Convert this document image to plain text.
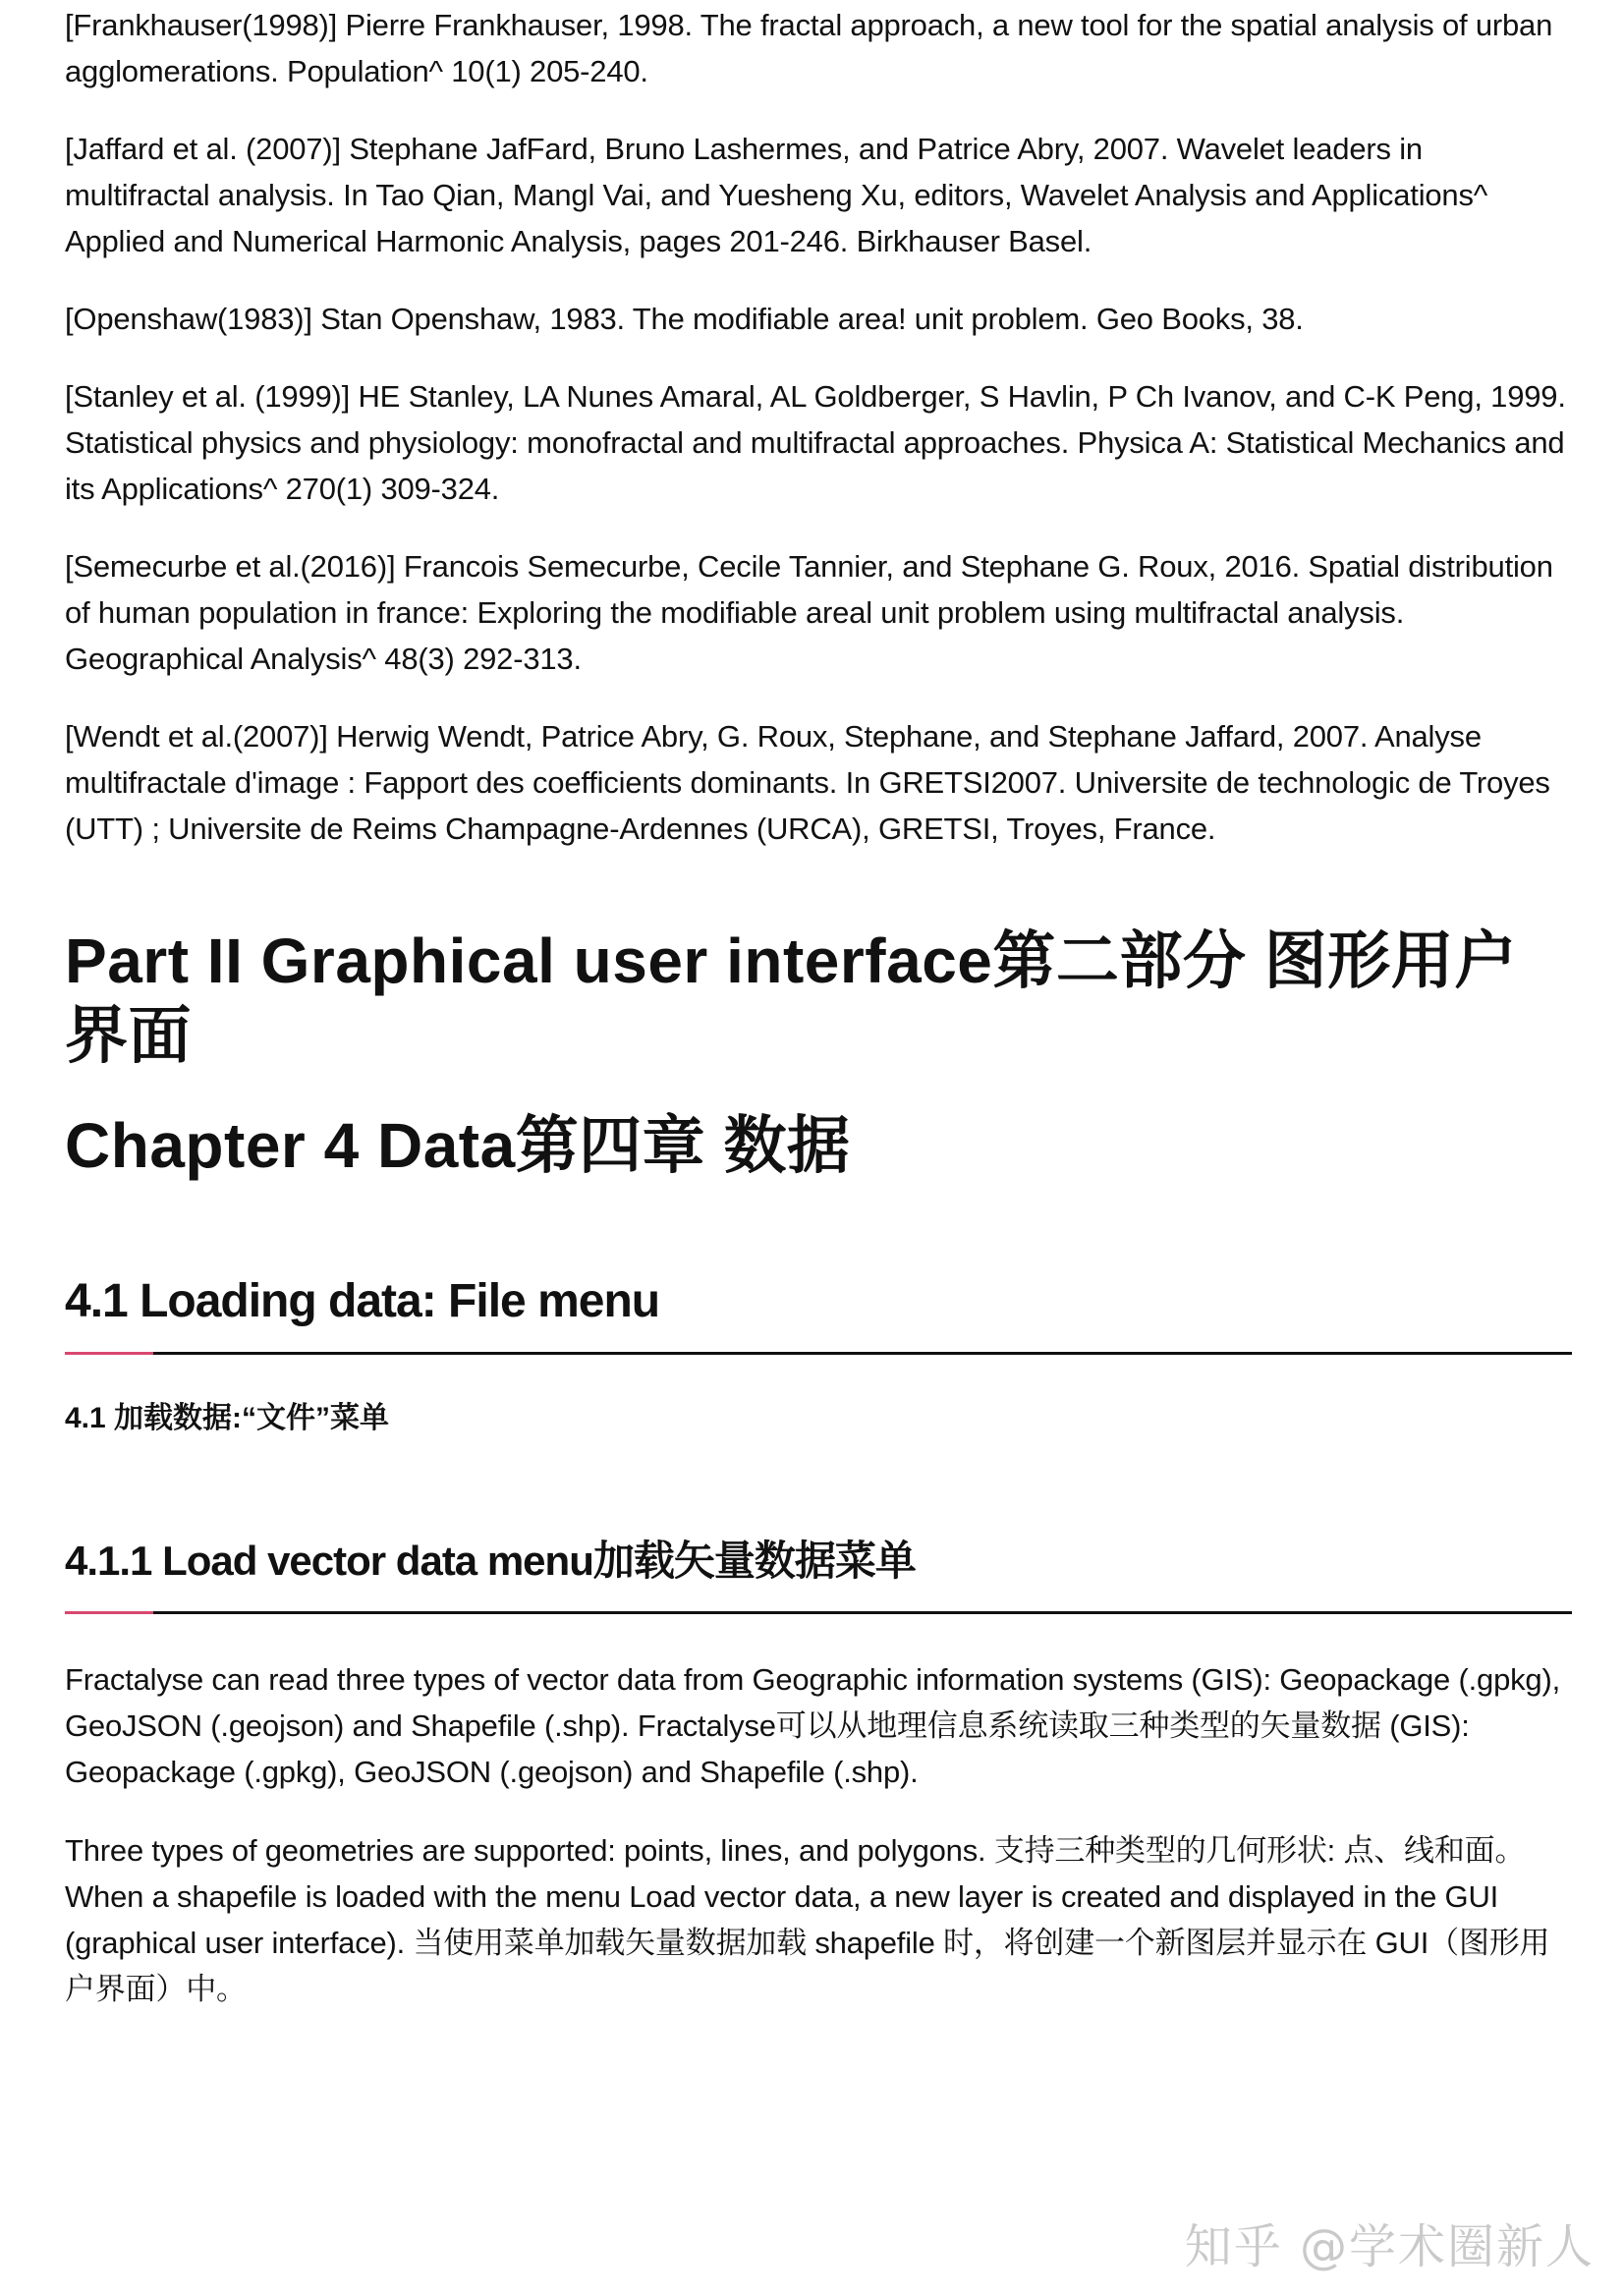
[Frankhauser(1998)] Pierre Frankhauser, 1998. The fractal approach, a new tool for the spatial analysis of urban agglomerations. Population^ 10(1) 205-240.

[Jaffard et al. (2007)] Stephane JafFard, Bruno Lashermes, and Patrice Abry, 2007. Wavelet leaders in multifractal analysis. In Tao Qian, Mangl Vai, and Yuesheng Xu, editors, Wavelet Analysis and Applications^ Applied and Numerical Harmonic Analysis, pages 201-246. Birkhauser Basel.

[Openshaw(1983)] Stan Openshaw, 1983. The modifiable area! unit problem. Geo Books, 38.

[Stanley et al. (1999)] HE Stanley, LA Nunes Amaral, AL Goldberger, S Havlin, P Ch Ivanov, and C-K Peng, 1999. Statistical physics and physiology: monofractal and multifractal approaches. Physica A: Statistical Mechanics and its Applications^ 270(1) 309-324.

[Semecurbe et al.(2016)] Francois Semecurbe, Cecile Tannier, and Stephane G. Roux, 2016. Spatial distribution of human population in france: Exploring the modifiable areal unit problem using multifractal analysis. Geographical Analysis^ 48(3) 292-313.

[Wendt et al.(2007)] Herwig Wendt, Patrice Abry, G. Roux, Stephane, and Stephane Jaffard, 2007. Analyse multifractale d'image : Fapport des coefficients dominants. In GRETSI2007. Universite de technologic de Troyes (UTT) ; Universite de Reims Champagne-Ardennes (URCA), GRETSI, Troyes, France.

Part II Graphical user interface第二部分 图形用户界面
Chapter 4 Data第四章 数据
4.1 Loading data: File menu
4.1 加载数据:“文件”菜单
4.1.1 Load vector data menu加载矢量数据菜单

Fractalyse can read three types of vector data from Geographic information systems (GIS): Geopackage (.gpkg), GeoJSON (.geojson) and Shapefile (.shp). Fractalyse可以从地理信息系统读取三种类型的矢量数据 (GIS): Geopackage (.gpkg), GeoJSON (.geojson) and Shapefile (.shp).

Three types of geometries are supported: points, lines, and polygons. 支持三种类型的几何形状: 点、线和面。 When a shapefile is loaded with the menu Load vector data, a new layer is created and displayed in the GUI (graphical user interface). 当使用菜单加载矢量数据加载 shapefile 时，将创建一个新图层并显示在 GUI（图形用户界面）中。

知乎 @学术圈新人
